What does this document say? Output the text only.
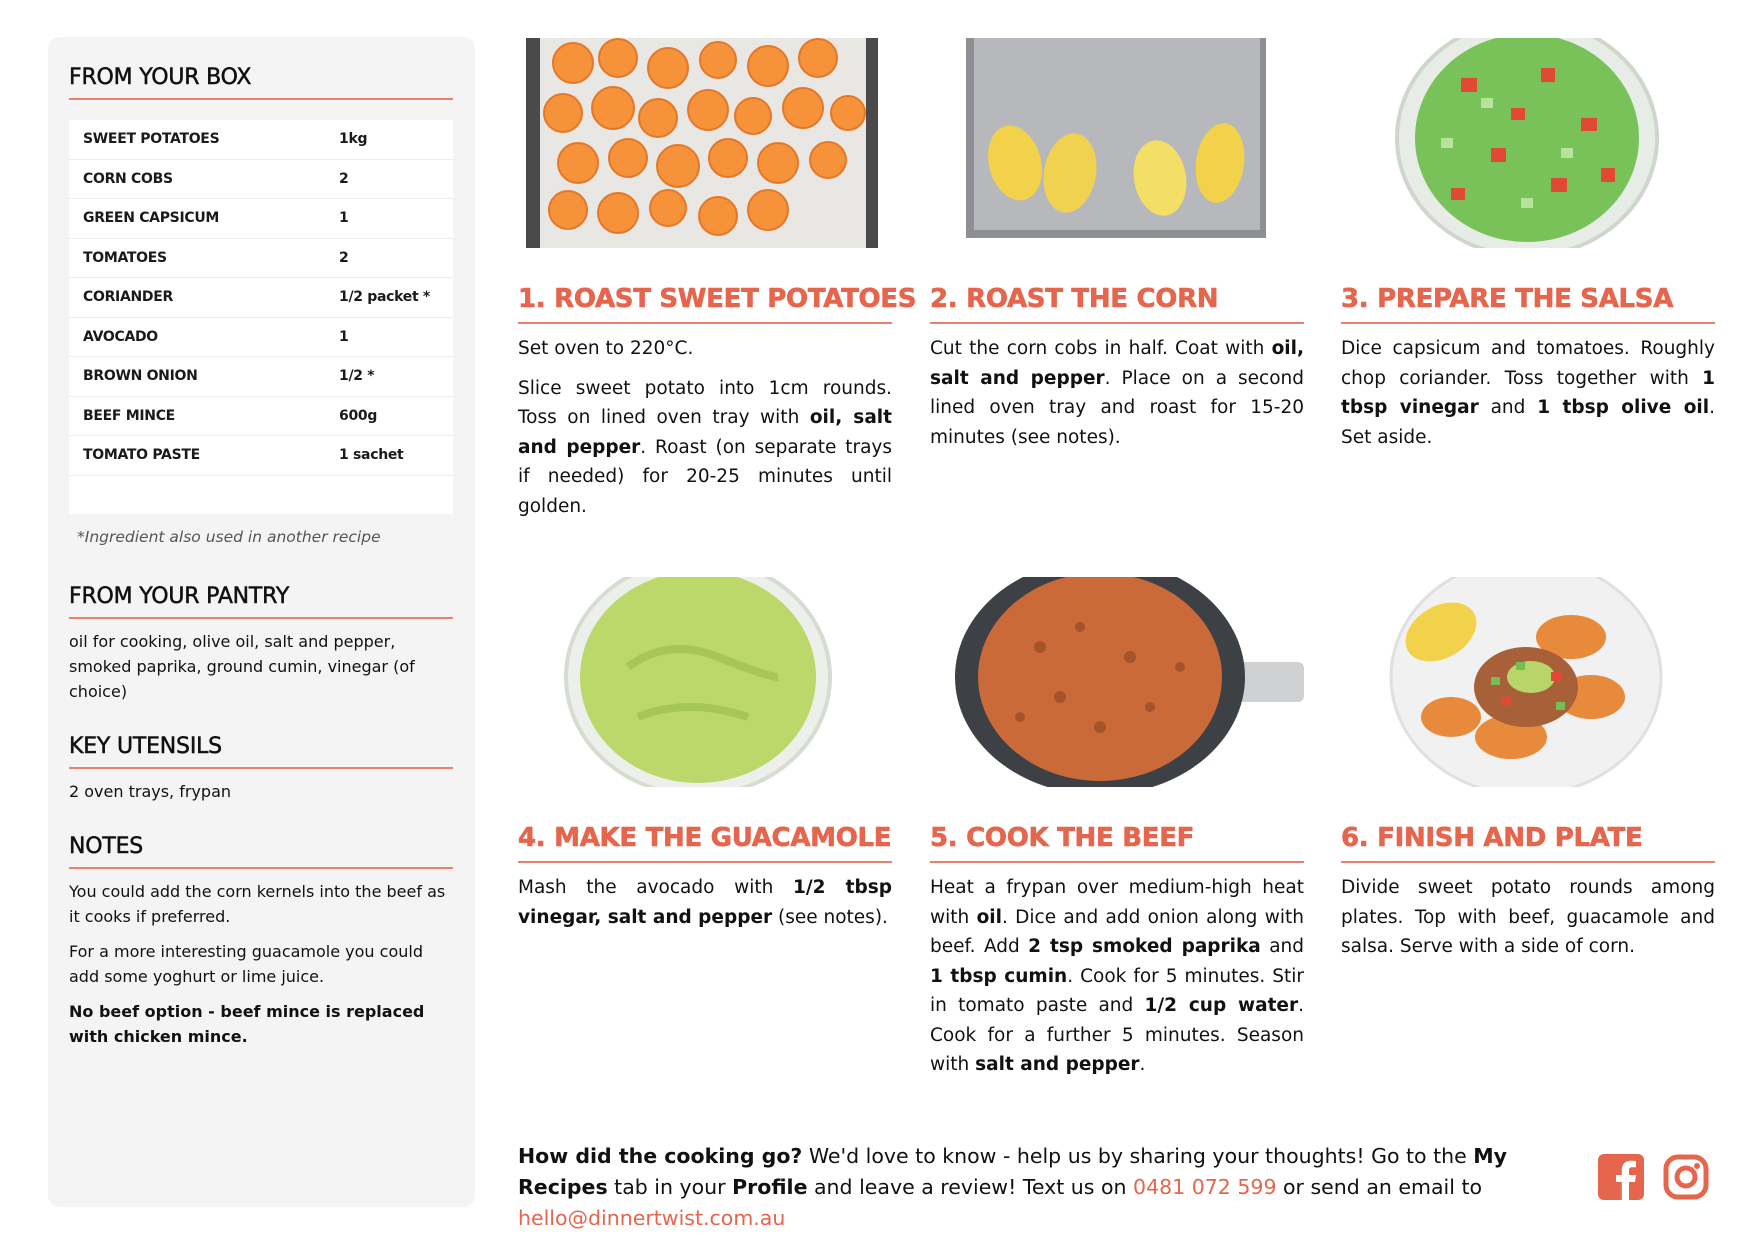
FROM YOUR BOX
SWEET POTATOES	1kg
CORN COBS	2
GREEN CAPSICUM	1
TOMATOES	2
CORIANDER	1/2 packet *
AVOCADO	1
BROWN ONION	1/2 *
BEEF MINCE	600g
TOMATO PASTE	1 sachet
*Ingredient also used in another recipe
FROM YOUR PANTRY

oil for cooking, olive oil, salt and pepper, smoked paprika, ground cumin, vinegar (of choice)

KEY UTENSILS

2 oven trays, frypan

NOTES

You could add the corn kernels into the beef as it cooks if preferred.

For a more interesting guacamole you could add some yoghurt or lime juice.

No beef option - beef mince is replaced with chicken mince.

1. ROAST SWEET POTATOES

Set oven to 220°C.

Slice sweet potato into 1cm rounds. Toss on lined oven tray with oil, salt and pepper. Roast (on separate trays if needed) for 20-25 minutes until golden.

2. ROAST THE CORN

Cut the corn cobs in half. Coat with oil, salt and pepper. Place on a second lined oven tray and roast for 15-20 minutes (see notes).

3. PREPARE THE SALSA

Dice capsicum and tomatoes. Roughly chop coriander. Toss together with 1 tbsp vinegar and 1 tbsp olive oil. Set aside.

4. MAKE THE GUACAMOLE

Mash the avocado with 1/2 tbsp vinegar, salt and pepper (see notes).

5. COOK THE BEEF

Heat a frypan over medium-high heat with oil. Dice and add onion along with beef. Add 2 tsp smoked paprika and 1 tbsp cumin. Cook for 5 minutes. Stir in tomato paste and 1/2 cup water. Cook for a further 5 minutes. Season with salt and pepper.

6. FINISH AND PLATE

Divide sweet potato rounds among plates. Top with beef, guacamole and salsa. Serve with a side of corn.

How did the cooking go? We'd love to know - help us by sharing your thoughts! Go to the My Recipes tab in your Profile and leave a review! Text us on 0481 072 599 or send an email to hello@dinnertwist.com.au
